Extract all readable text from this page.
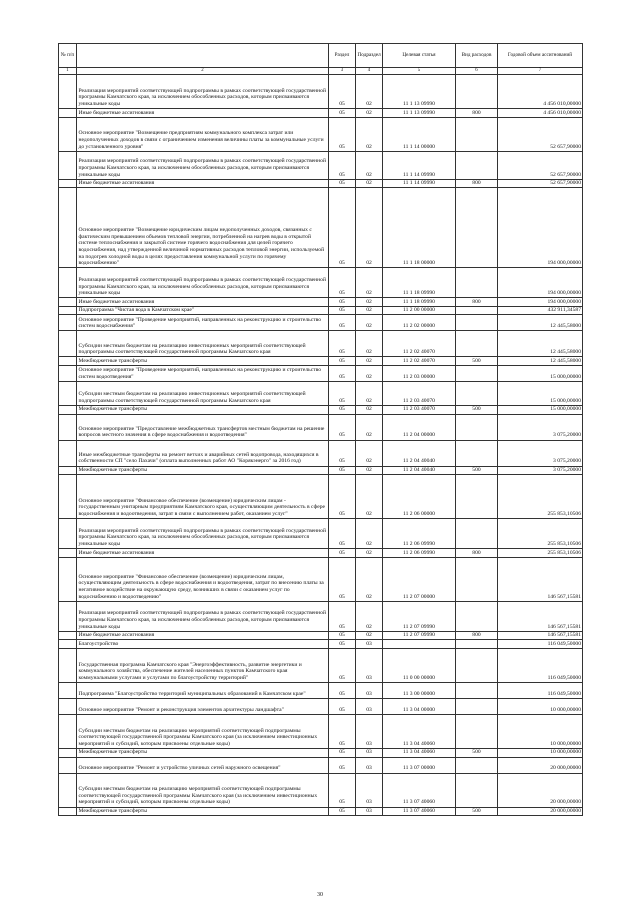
№ п/п		Раздел	Подраздел	Целевая статья	Вид расходов	Годовой объем ассигнований
1	2	3	4	5	6	7
	Реализация мероприятий соответствующей подпрограммы в рамках соответствующей государственной программы Камчатского края, за исключением обособленных расходов, которым присваиваются уникальные коды	05	02	11 1 13 09990		4 456 010,00000
	Иные бюджетные ассигнования	05	02	11 1 13 09990	800	4 456 010,00000
	Основное мероприятие "Возмещение предприятиям коммунального комплекса затрат или недополученных доходов в связи с ограничением изменения величины платы за коммунальные услуги до установленного уровня"	05	02	11 1 14 00000		52 657,90000
	Реализация мероприятий соответствующей подпрограммы в рамках соответствующей государственной программы Камчатского края, за исключением обособленных расходов, которым присваиваются уникальные коды	05	02	11 1 14 09990		52 657,90000
	Иные бюджетные ассигнования	05	02	11 1 14 09990	800	52 657,90000
	Основное мероприятие "Возмещение юридическим лицам недополученных доходов, связанных с фактическим превышением объемов тепловой энергии, потребленной на нагрев воды в открытой системе теплоснабжения и закрытой системе горячего водоснабжения для целей горячего водоснабжения, над утвержденной величиной нормативных расходов тепловой энергии, используемой на подогрев холодной воды в целях предоставления коммунальной услуги по горячему водоснабжению"	05	02	11 1 18 00000		194 000,00000
	Реализация мероприятий соответствующей подпрограммы в рамках соответствующей государственной программы Камчатского края, за исключением обособленных расходов, которым присваиваются уникальные коды	05	02	11 1 18 09990		194 000,00000
	Иные бюджетные ассигнования	05	02	11 1 18 09990	800	194 000,00000
	Подпрограмма "Чистая вода в Камчатском крае"	05	02	11 2 00 00000		432 911,34587
	Основное мероприятие "Проведение мероприятий, направленных на реконструкцию и строительство систем водоснабжения"	05	02	11 2 02 00000		12 445,58000
	Субсидии местным бюджетам на реализацию инвестиционных мероприятий соответствующей подпрограммы соответствующей государственной программы Камчатского края	05	02	11 2 02 40070		12 445,58000
	Межбюджетные трансферты	05	02	11 2 02 40070	500	12 445,58000
	Основное мероприятие "Проведение мероприятий, направленных на реконструкцию и строительство систем водоотведения"	05	02	11 2 03 00000		15 000,00000
	Субсидии местным бюджетам на реализацию инвестиционных мероприятий соответствующей подпрограммы соответствующей государственной программы Камчатского края	05	02	11 2 03 40070		15 000,00000
	Межбюджетные трансферты	05	02	11 2 03 40070	500	15 000,00000
	Основное мероприятие "Предоставление межбюджетных трансфертов местным бюджетам на решение вопросов местного значения в сфере водоснабжения и водоотведения"	05	02	11 2 04 00000		3 075,20000
	Иные межбюджетные трансферты на ремонт ветхих и аварийных сетей водопровода, находящихся в собственности СП "село Пахачи" (оплата выполненных работ АО "Корякэнерго" за 2016 год)	05	02	11 2 04 40040		3 075,20000
	Межбюджетные трансферты	05	02	11 2 04 40040	500	3 075,20000
	Основное мероприятие "Финансовое обеспечение (возмещение) юридическим лицам - государственным унитарным предприятиям Камчатского края, осуществляющим деятельность в сфере водоснабжения и водоотведения, затрат в связи с выполнением работ, оказанием услуг"	05	02	11 2 06 00000		255 853,10506
	Реализация мероприятий соответствующей подпрограммы в рамках соответствующей государственной программы Камчатского края, за исключением обособленных расходов, которым присваиваются уникальные коды	05	02	11 2 06 09990		255 853,10506
	Иные бюджетные ассигнования	05	02	11 2 06 09990	800	255 853,10506
	Основное мероприятие "Финансовое обеспечение (возмещение) юридическим лицам, осуществляющим деятельность в сфере водоснабжения и водоотведения, затрат по внесению платы за негативное воздействие на окружающую среду, возникших в связи с оказанием услуг по водоснабжению и водоотведению"	05	02	11 2 07 00000		146 567,15581
	Реализация мероприятий соответствующей подпрограммы в рамках соответствующей государственной программы Камчатского края, за исключением обособленных расходов, которым присваиваются уникальные коды	05	02	11 2 07 09990		146 567,15581
	Иные бюджетные ассигнования	05	02	11 2 07 09990	800	146 567,15581
	Благоустройство	05	03			116 049,50000
	Государственная программа Камчатского края "Энергоэффективность, развитие энергетики и коммунального хозяйства, обеспечение жителей населенных пунктов Камчатского края коммунальными услугами и услугами по благоустройству территорий"	05	03	11 0 00 00000		116 049,50000
	Подпрограмма "Благоустройство территорий муниципальных образований в Камчатском крае"	05	03	11 3 00 00000		116 049,50000
	Основное мероприятие "Ремонт и реконструкция элементов архитектуры ландшафта"	05	03	11 3 04 00000		10 000,00000
	Субсидии местным бюджетам на реализацию мероприятий соответствующей подпрограммы соответствующей государственной программы Камчатского края (за исключением инвестиционных мероприятий и субсидий, которым присвоены отдельные коды)	05	03	11 3 04 40060		10 000,00000
	Межбюджетные трансферты	05	03	11 3 04 40060	500	10 000,00000
	Основное мероприятие "Ремонт и устройство уличных сетей наружного освещения"	05	03	11 3 07 00000		20 000,00000
	Субсидии местным бюджетам на реализацию мероприятий соответствующей подпрограммы соответствующей государственной программы Камчатского края (за исключением инвестиционных мероприятий и субсидий, которым присвоены отдельные коды)	05	03	11 3 07 40060		20 000,00000
	Межбюджетные трансферты	05	03	11 3 07 40060	500	20 000,00000
30
